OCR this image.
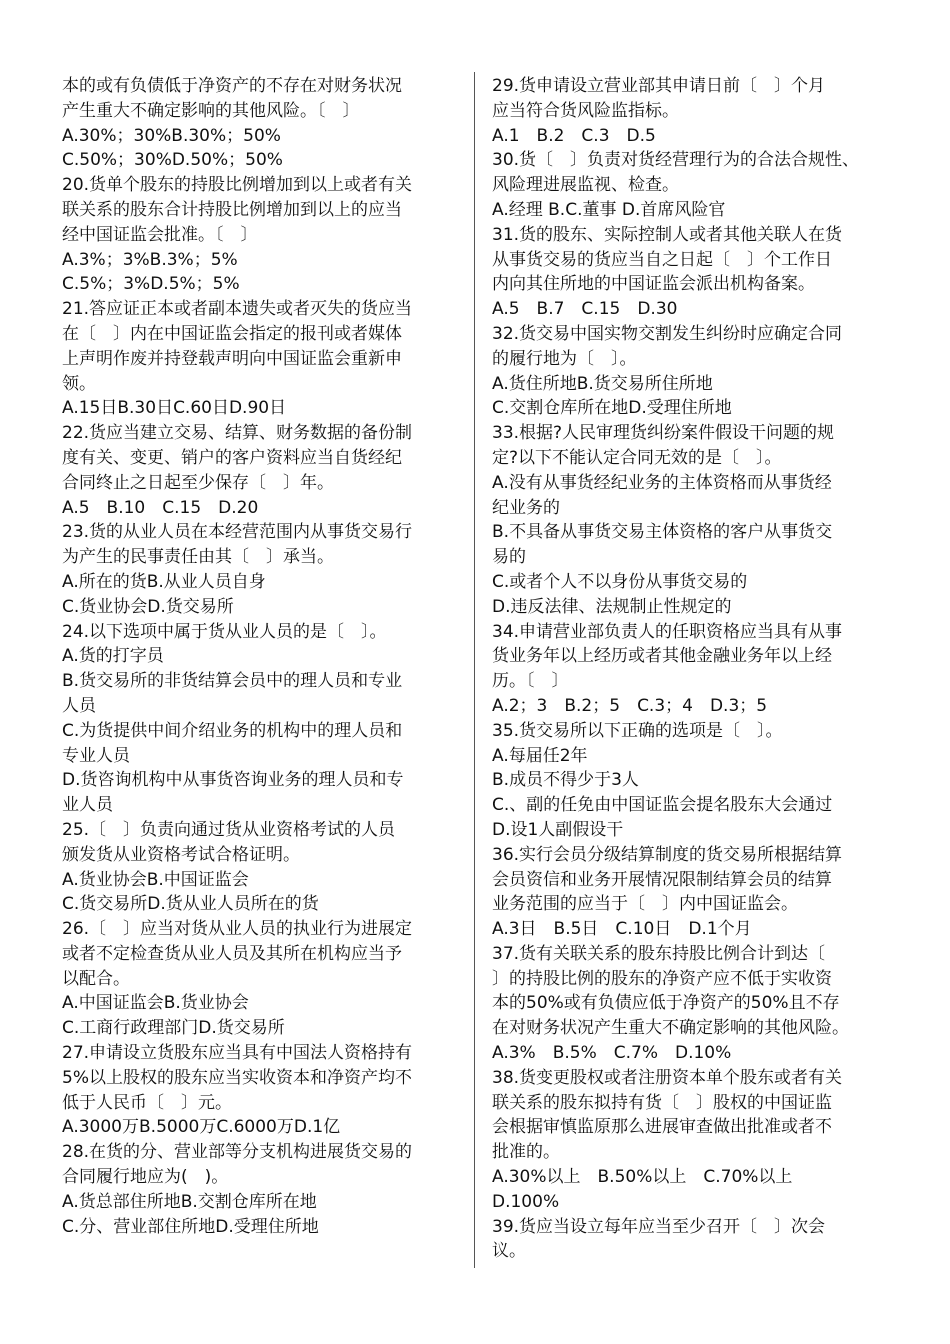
本的或有负债低于净资产的不存在对财务状况
产生重大不确定影响的其他风险。〔　〕
A.30%；30%B.30%；50%
C.50%；30%D.50%；50%
20.货单个股东的持股比例增加到以上或者有关
联关系的股东合计持股比例增加到以上的应当
经中国证监会批准。〔　〕
A.3%；3%B.3%；5%
C.5%；3%D.5%；5%
21.答应证正本或者副本遗失或者灭失的货应当
在〔　〕内在中国证监会指定的报刊或者媒体
上声明作废并持登载声明向中国证监会重新申
领。
A.15日B.30日C.60日D.90日
22.货应当建立交易、结算、财务数据的备份制
度有关、变更、销户的客户资料应当自货经纪
合同终止之日起至少保存〔　〕年。
A.5　B.10　C.15　D.20
23.货的从业人员在本经营范围内从事货交易行
为产生的民事责任由其〔　〕承当。
A.所在的货B.从业人员自身
C.货业协会D.货交易所
24.以下选项中属于货从业人员的是〔　〕。
A.货的打字员
B.货交易所的非货结算会员中的理人员和专业
人员
C.为货提供中间介绍业务的机构中的理人员和
专业人员
D.货咨询机构中从事货咨询业务的理人员和专
业人员
25.〔　〕负责向通过货从业资格考试的人员
颁发货从业资格考试合格证明。
A.货业协会B.中国证监会
C.货交易所D.货从业人员所在的货
26.〔　〕应当对货从业人员的执业行为进展定
或者不定检查货从业人员及其所在机构应当予
以配合。
A.中国证监会B.货业协会
C.工商行政理部门D.货交易所
27.申请设立货股东应当具有中国法人资格持有
5%以上股权的股东应当实收资本和净资产均不
低于人民币〔　〕元。
A.3000万B.5000万C.6000万D.1亿
28.在货的分、营业部等分支机构进展货交易的
合同履行地应为(　)。
A.货总部住所地B.交割仓库所在地
C.分、营业部住所地D.受理住所地
29.货申请设立营业部其申请日前〔　〕个月
应当符合货风险监指标。
A.1　B.2　C.3　D.5
30.货〔　〕负责对货经营理行为的合法合规性、
风险理进展监视、检查。
A.经理 B.C.董事 D.首席风险官
31.货的股东、实际控制人或者其他关联人在货
从事货交易的货应当自之日起〔　〕个工作日
内向其住所地的中国证监会派出机构备案。
A.5　B.7　C.15　D.30
32.货交易中国实物交割发生纠纷时应确定合同
的履行地为〔　〕。
A.货住所地B.货交易所住所地
C.交割仓库所在地D.受理住所地
33.根据?人民审理货纠纷案件假设干问题的规
定?以下不能认定合同无效的是〔　〕。
A.没有从事货经纪业务的主体资格而从事货经
纪业务的
B.不具备从事货交易主体资格的客户从事货交
易的
C.或者个人不以身份从事货交易的
D.违反法律、法规制止性规定的
34.申请营业部负责人的任职资格应当具有从事
货业务年以上经历或者其他金融业务年以上经
历。〔　〕
A.2；3　B.2；5　C.3；4　D.3；5
35.货交易所以下正确的选项是〔　〕。
A.每届任2年
B.成员不得少于3人
C.、副的任免由中国证监会提名股东大会通过
D.设1人副假设干
36.实行会员分级结算制度的货交易所根据结算
会员资信和业务开展情况限制结算会员的结算
业务范围的应当于〔　〕内中国证监会。
A.3日　B.5日　C.10日　D.1个月
37.货有关联关系的股东持股比例合计到达〔
〕的持股比例的股东的净资产应不低于实收资
本的50%或有负债应低于净资产的50%且不存
在对财务状况产生重大不确定影响的其他风险。
A.3%　B.5%　C.7%　D.10%
38.货变更股权或者注册资本单个股东或者有关
联关系的股东拟持有货〔　〕股权的中国证监
会根据审慎监原那么进展审查做出批准或者不
批准的。
A.30%以上　B.50%以上　C.70%以上
D.100%
39.货应当设立每年应当至少召开〔　〕次会
议。
